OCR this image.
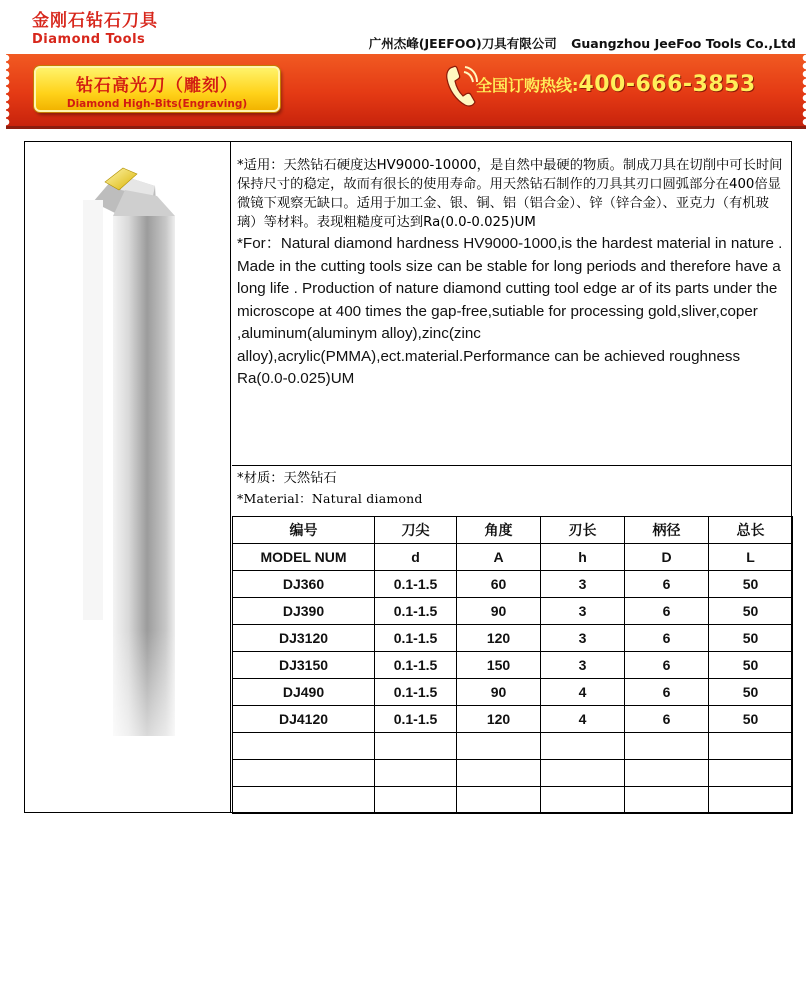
金刚石钻石刀具
Diamond Tools	广州杰峰(JEEFOO)刀具有限公司 Guangzhou JeeFoo Tools Co.,Ltd
钻石高光刀（雕刻）
Diamond High-Bits(Engraving)
全国订购热线:400-666-3853
*适用：天然钻石硬度达HV9000-10000，是自然中最硬的物质。制成刀具在切削中可长时间保持尺寸的稳定，故而有很长的使用寿命。用天然钻石制作的刀具其刃口圆弧部分在400倍显微镜下观察无缺口。适用于加工金、银、铜、铝（铝合金）、锌（锌合金）、亚克力（有机玻璃）等材料。表现粗糙度可达到Ra(0.0-0.025)UM
*For：Natural diamond hardness HV9000-1000,is the hardest material in nature . Made in the cutting tools size can be stable for long periods and therefore have a long life . Production of nature diamond cutting tool edge ar of its parts under the microscope at 400 times the gap-free,sutiable for processing gold,sliver,coper ,aluminum(aluminym alloy),zinc(zinc alloy),acrylic(PMMA),ect.material.Performance can be achieved roughness Ra(0.0-0.025)UM
*材质：天然钻石
*Material：Natural diamond
编号	刀尖	角度	刃长	柄径	总长
MODEL NUM	d	A	h	D	L
DJ360	0.1-1.5	60	3	6	50
DJ390	0.1-1.5	90	3	6	50
DJ3120	0.1-1.5	120	3	6	50
DJ3150	0.1-1.5	150	3	6	50
DJ490	0.1-1.5	90	4	6	50
DJ4120	0.1-1.5	120	4	6	50
